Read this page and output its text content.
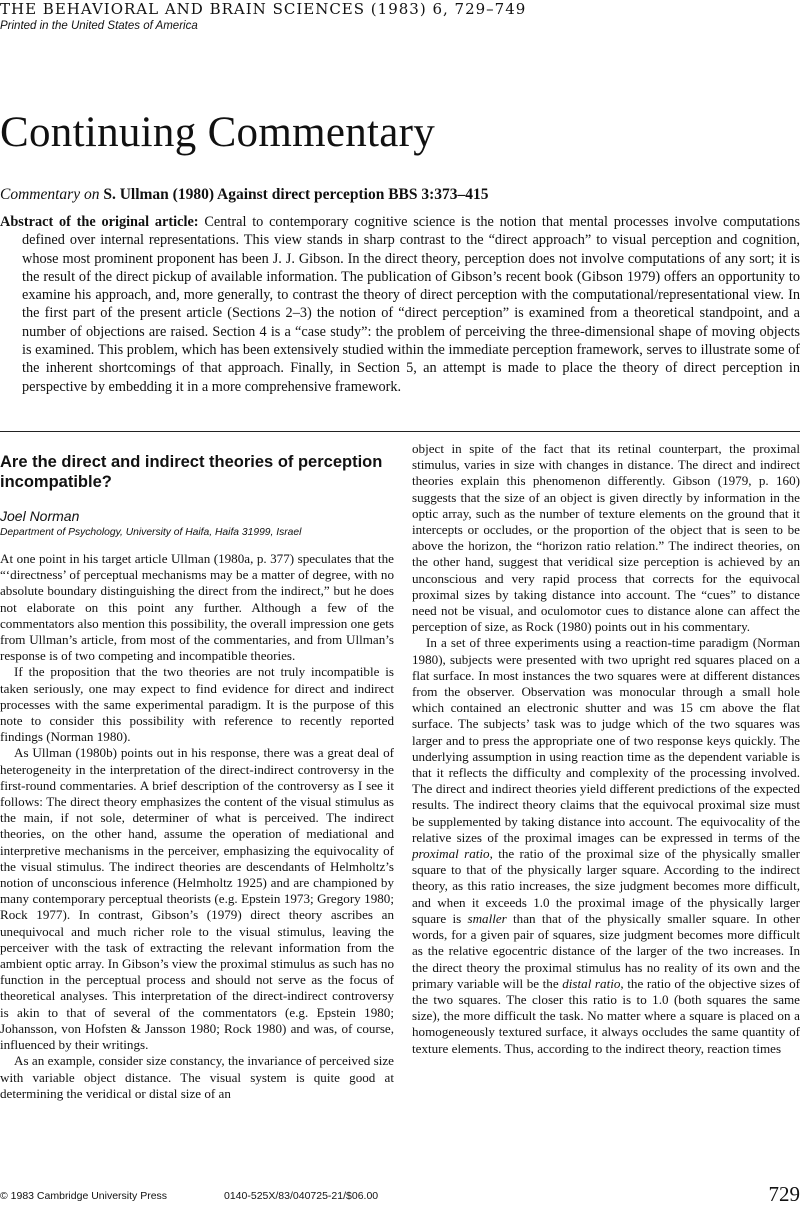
THE BEHAVIORAL AND BRAIN SCIENCES (1983) 6, 729–749
Printed in the United States of America
Continuing Commentary
Commentary on S. Ullman (1980) Against direct perception BBS 3:373–415
Abstract of the original article: Central to contemporary cognitive science is the notion that mental processes involve computations defined over internal representations. This view stands in sharp contrast to the “direct approach” to visual perception and cognition, whose most prominent proponent has been J. J. Gibson. In the direct theory, perception does not involve computations of any sort; it is the result of the direct pickup of available information. The publication of Gibson’s recent book (Gibson 1979) offers an opportunity to examine his approach, and, more generally, to contrast the theory of direct perception with the computational/representational view. In the first part of the present article (Sections 2–3) the notion of “direct perception” is examined from a theoretical standpoint, and a number of objections are raised. Section 4 is a “case study”: the problem of perceiving the three-dimensional shape of moving objects is examined. This problem, which has been extensively studied within the immediate perception framework, serves to illustrate some of the inherent shortcomings of that approach. Finally, in Section 5, an attempt is made to place the theory of direct perception in perspective by embedding it in a more comprehensive framework.
Are the direct and indirect theories of perception incompatible?
Joel Norman
Department of Psychology, University of Haifa, Haifa 31999, Israel

At one point in his target article Ullman (1980a, p. 377) speculates that the “‘directness’ of perceptual mechanisms may be a matter of degree, with no absolute boundary distinguishing the direct from the indirect,” but he does not elaborate on this point any further. Although a few of the commentators also mention this possibility, the overall impression one gets from Ullman’s article, from most of the commentaries, and from Ullman’s response is of two competing and incompatible theories.

If the proposition that the two theories are not truly incompatible is taken seriously, one may expect to find evidence for direct and indirect processes with the same experimental paradigm. It is the purpose of this note to consider this possibility with reference to recently reported findings (Norman 1980).

As Ullman (1980b) points out in his response, there was a great deal of heterogeneity in the interpretation of the direct-indirect controversy in the first-round commentaries. A brief description of the controversy as I see it follows: The direct theory emphasizes the content of the visual stimulus as the main, if not sole, determiner of what is perceived. The indirect theories, on the other hand, assume the operation of mediational and interpretive mechanisms in the perceiver, emphasizing the equivocality of the visual stimulus. The indirect theories are descendants of Helmholtz’s notion of unconscious inference (Helmholtz 1925) and are championed by many contemporary perceptual theorists (e.g. Epstein 1973; Gregory 1980; Rock 1977). In contrast, Gibson’s (1979) direct theory ascribes an unequivocal and much richer role to the visual stimulus, leaving the perceiver with the task of extracting the relevant information from the ambient optic array. In Gibson’s view the proximal stimulus as such has no function in the perceptual process and should not serve as the focus of theoretical analyses. This interpretation of the direct-indirect controversy is akin to that of several of the commentators (e.g. Epstein 1980; Johansson, von Hofsten & Jansson 1980; Rock 1980) and was, of course, influenced by their writings.

As an example, consider size constancy, the invariance of perceived size with variable object distance. The visual system is quite good at determining the veridical or distal size of an

object in spite of the fact that its retinal counterpart, the proximal stimulus, varies in size with changes in distance. The direct and indirect theories explain this phenomenon differently. Gibson (1979, p. 160) suggests that the size of an object is given directly by information in the optic array, such as the number of texture elements on the ground that it intercepts or occludes, or the proportion of the object that is seen to be above the horizon, the “horizon ratio relation.” The indirect theories, on the other hand, suggest that veridical size perception is achieved by an unconscious and very rapid process that corrects for the equivocal proximal sizes by taking distance into account. The “cues” to distance need not be visual, and oculomotor cues to distance alone can affect the perception of size, as Rock (1980) points out in his commentary.

In a set of three experiments using a reaction-time paradigm (Norman 1980), subjects were presented with two upright red squares placed on a flat surface. In most instances the two squares were at different distances from the observer. Observation was monocular through a small hole which contained an electronic shutter and was 15 cm above the flat surface. The subjects’ task was to judge which of the two squares was larger and to press the appropriate one of two response keys quickly. The underlying assumption in using reaction time as the dependent variable is that it reflects the difficulty and complexity of the processing involved. The direct and indirect theories yield different predictions of the expected results. The indirect theory claims that the equivocal proximal size must be supplemented by taking distance into account. The equivocality of the relative sizes of the proximal images can be expressed in terms of the proximal ratio, the ratio of the proximal size of the physically smaller square to that of the physically larger square. According to the indirect theory, as this ratio increases, the size judgment becomes more difficult, and when it exceeds 1.0 the proximal image of the physically larger square is smaller than that of the physically smaller square. In other words, for a given pair of squares, size judgment becomes more difficult as the relative egocentric distance of the larger of the two increases. In the direct theory the proximal stimulus has no reality of its own and the primary variable will be the distal ratio, the ratio of the objective sizes of the two squares. The closer this ratio is to 1.0 (both squares the same size), the more difficult the task. No matter where a square is placed on a homogeneously textured surface, it always occludes the same quantity of texture elements. Thus, according to the indirect theory, reaction times

© 1983 Cambridge University Press	0140-525X/83/040725-21/$06.00	729
